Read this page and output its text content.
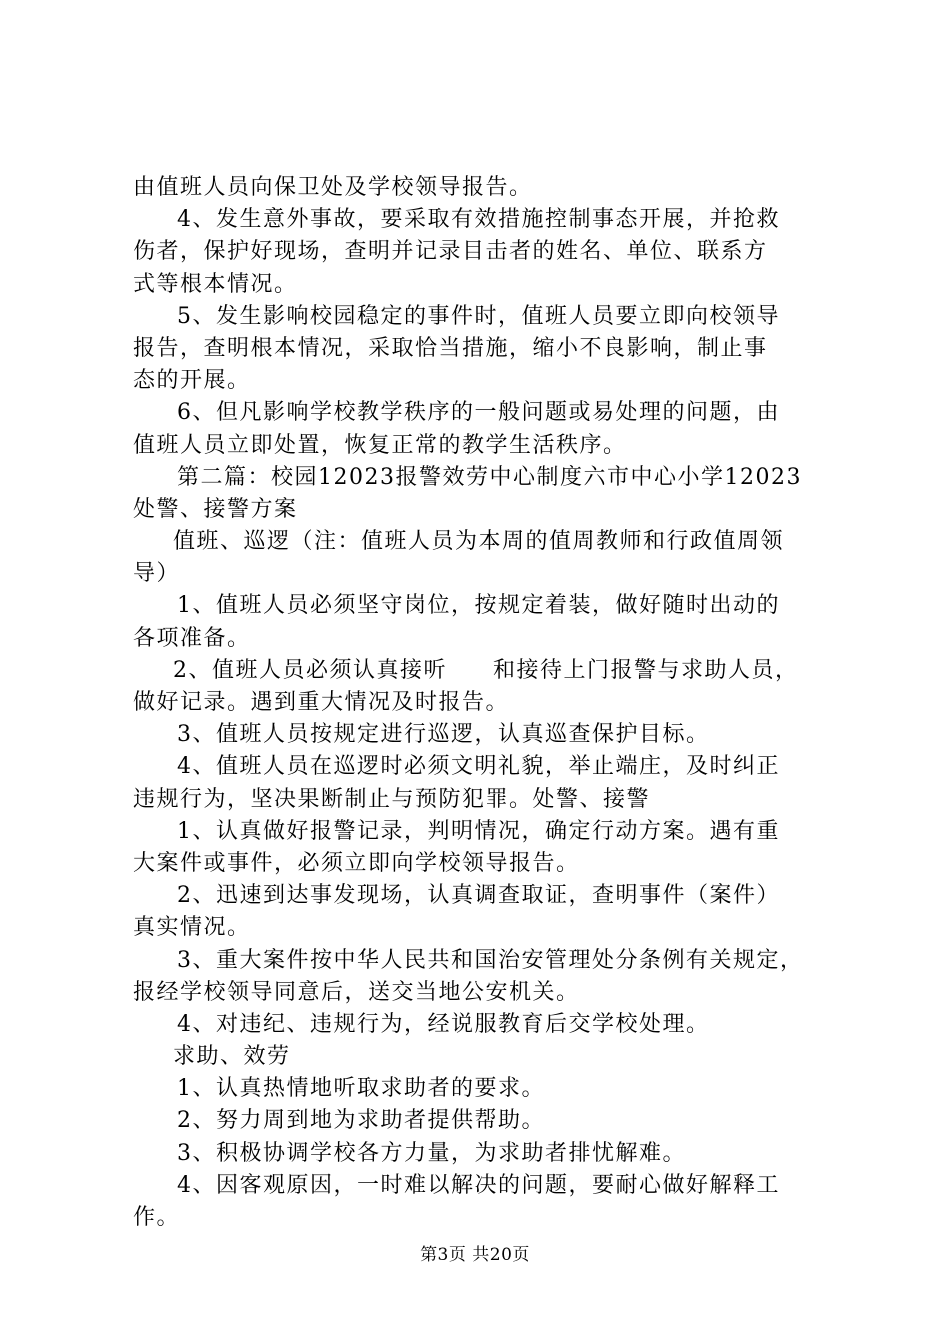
由值班人员向保卫处及学校领导报告。
4、发生意外事故，要采取有效措施控制事态开展，并抢救
伤者，保护好现场，查明并记录目击者的姓名、单位、联系方
式等根本情况。
5、发生影响校园稳定的事件时，值班人员要立即向校领导
报告，查明根本情况，采取恰当措施，缩小不良影响，制止事
态的开展。
6、但凡影响学校教学秩序的一般问题或易处理的问题，由
值班人员立即处置，恢复正常的教学生活秩序。
第二篇：校园12023报警效劳中心制度六市中心小学12023
处警、接警方案
值班、巡逻（注：值班人员为本周的值周教师和行政值周领
导）
1、值班人员必须坚守岗位，按规定着装，做好随时出动的
各项准备。
2、值班人员必须认真接听 和接待上门报警与求助人员，
做好记录。遇到重大情况及时报告。
3、值班人员按规定进行巡逻，认真巡查保护目标。
4、值班人员在巡逻时必须文明礼貌，举止端庄，及时纠正
违规行为，坚决果断制止与预防犯罪。处警、接警
1、认真做好报警记录，判明情况，确定行动方案。遇有重
大案件或事件，必须立即向学校领导报告。
2、迅速到达事发现场，认真调查取证，查明事件（案件）
真实情况。
3、重大案件按中华人民共和国治安管理处分条例有关规定，
报经学校领导同意后，送交当地公安机关。
4、对违纪、违规行为，经说服教育后交学校处理。
求助、效劳
1、认真热情地听取求助者的要求。
2、努力周到地为求助者提供帮助。
3、积极协调学校各方力量，为求助者排忧解难。
4、因客观原因，一时难以解决的问题，要耐心做好解释工
作。
第3页 共20页
